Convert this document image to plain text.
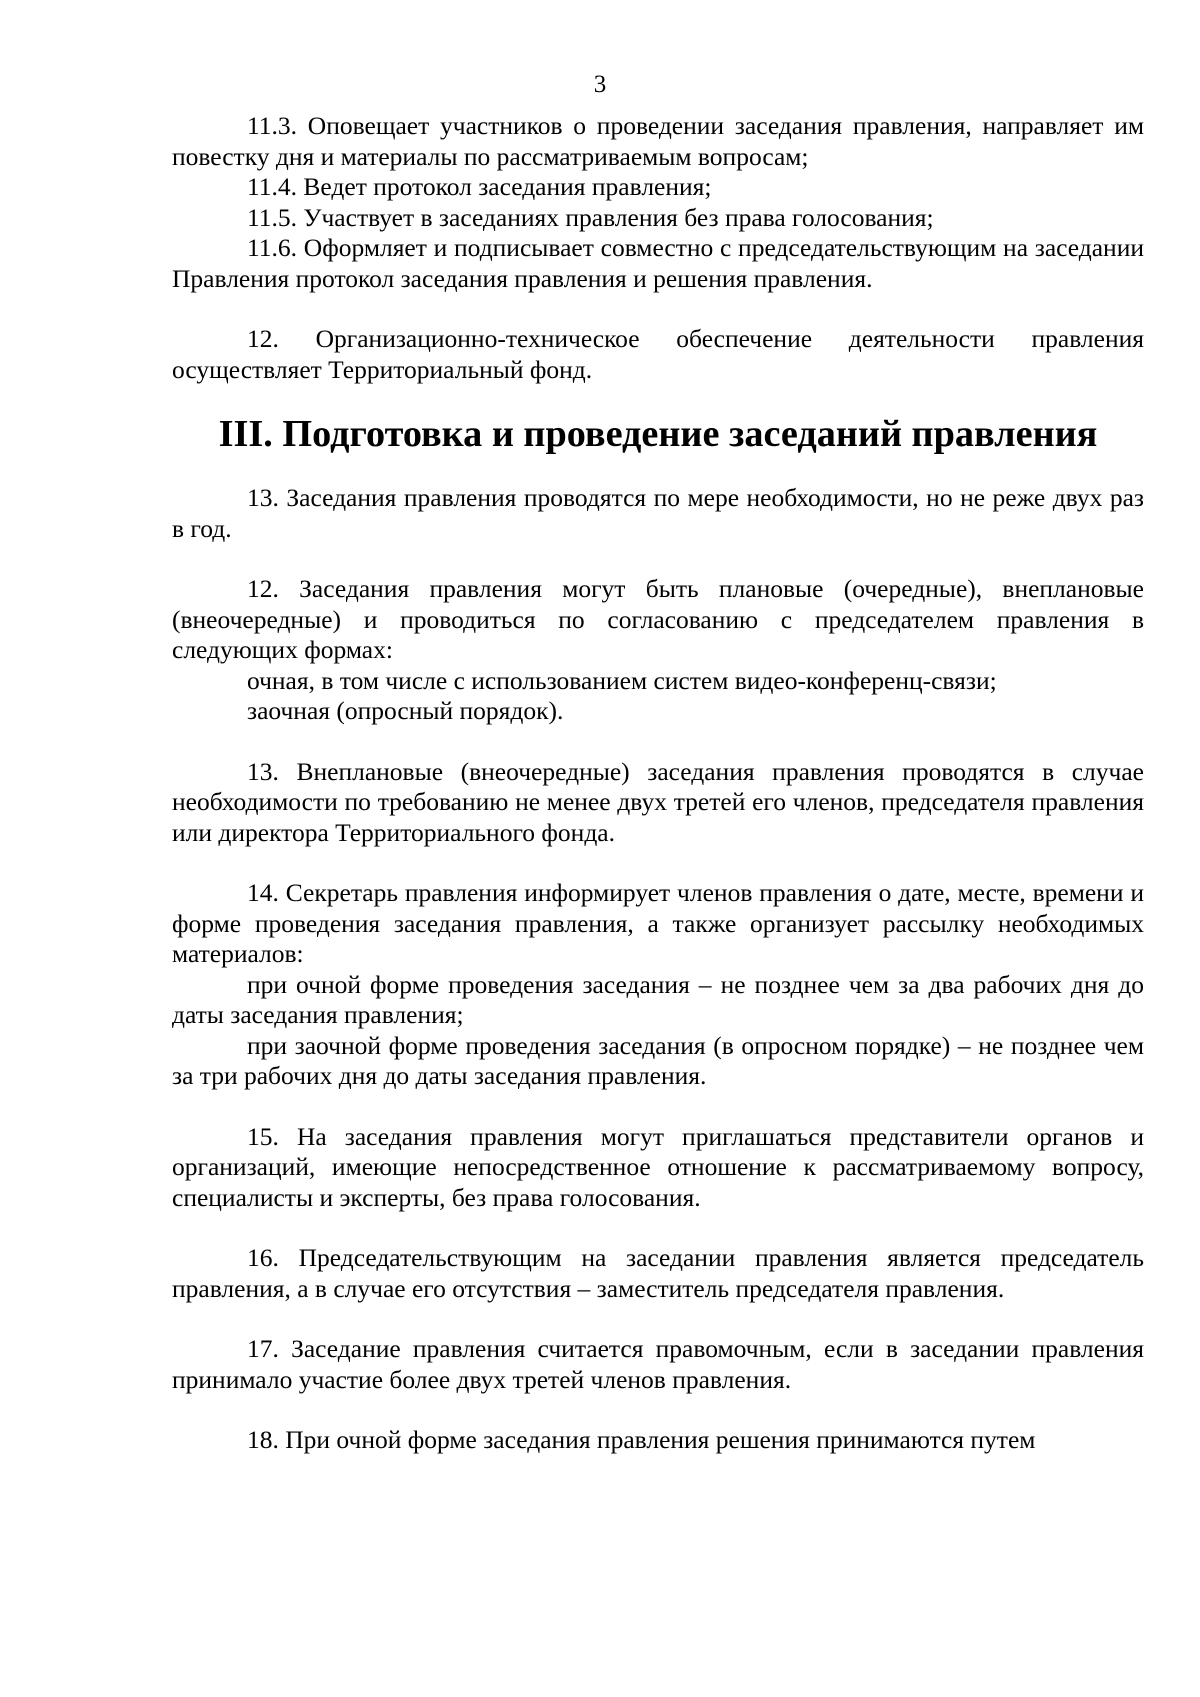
3

11.3. Оповещает участников о проведении заседания правления, направляет им повестку дня и материалы по рассматриваемым вопросам;

11.4. Ведет протокол заседания правления;

11.5. Участвует в заседаниях правления без права голосования;

11.6. Оформляет и подписывает совместно с председательствующим на заседании Правления протокол заседания правления и решения правления.

12. Организационно-техническое обеспечение деятельности правления осуществляет Территориальный фонд.

III. Подготовка и проведение заседаний правления

13. Заседания правления проводятся по мере необходимости, но не реже двух раз в год.

12. Заседания правления могут быть плановые (очередные), внеплановые (внеочередные) и проводиться по согласованию с председателем правления в следующих формах:

очная, в том числе с использованием систем видео-конференц-связи;

заочная (опросный порядок).

13. Внеплановые (внеочередные) заседания правления проводятся в случае необходимости по требованию не менее двух третей его членов, председателя правления или директора Территориального фонда.

14. Секретарь правления информирует членов правления о дате, месте, времени и форме проведения заседания правления, а также организует рассылку необходимых материалов:

при очной форме проведения заседания – не позднее чем за два рабочих дня до даты заседания правления;

при заочной форме проведения заседания (в опросном порядке) – не позднее чем за три рабочих дня до даты заседания правления.

15. На заседания правления могут приглашаться представители органов и организаций, имеющие непосредственное отношение к рассматриваемому вопросу, специалисты и эксперты, без права голосования.

16. Председательствующим на заседании правления является председатель правления, а в случае его отсутствия – заместитель председателя правления.

17. Заседание правления считается правомочным, если в заседании правления принимало участие более двух третей членов правления.

18. При очной форме заседания правления решения принимаются путем
